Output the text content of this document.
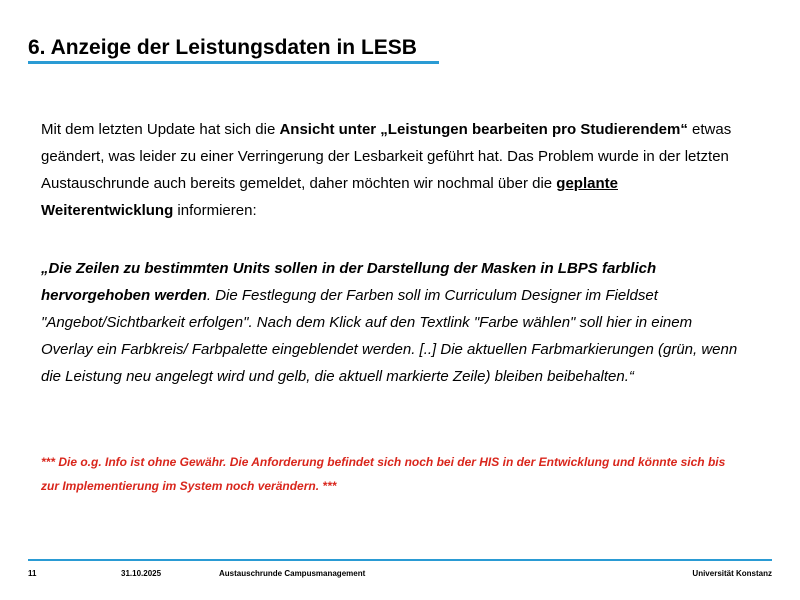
6. Anzeige der Leistungsdaten in LESB

Mit dem letzten Update hat sich die Ansicht unter „Leistungen bearbeiten pro Studierendem“ etwas geändert, was leider zu einer Verringerung der Lesbarkeit geführt hat. Das Problem wurde in der letzten Austauschrunde auch bereits gemeldet, daher möchten wir nochmal über die geplante Weiterentwicklung informieren:

„Die Zeilen zu bestimmten Units sollen in der Darstellung der Masken in LBPS farblich hervorgehoben werden. Die Festlegung der Farben soll im Curriculum Designer im Fieldset "Angebot/Sichtbarkeit erfolgen". Nach dem Klick auf den Textlink "Farbe wählen" soll hier in einem Overlay ein Farbkreis/ Farbpalette eingeblendet werden. [..] Die aktuellen Farbmarkierungen (grün, wenn die Leistung neu angelegt wird und gelb, die aktuell markierte Zeile) bleiben beibehalten.“

*** Die o.g. Info ist ohne Gewähr. Die Anforderung befindet sich noch bei der HIS in der Entwicklung und könnte sich bis zur Implementierung im System noch verändern. ***

11	31.10.2025	Austauschrunde Campusmanagement	Universität Konstanz
